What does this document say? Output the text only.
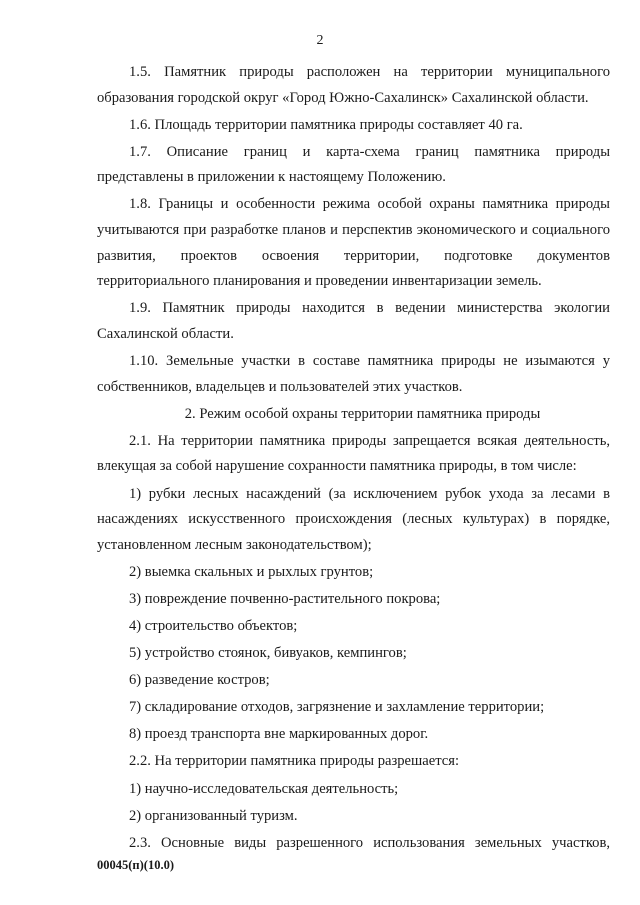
2

1.5. Памятник природы расположен на территории муниципального образования городской округ «Город Южно-Сахалинск» Сахалинской области.

1.6. Площадь территории памятника природы составляет 40 га.

1.7. Описание границ и карта-схема границ памятника природы представлены в приложении к настоящему Положению.

1.8. Границы и особенности режима особой охраны памятника природы учитываются при разработке планов и перспектив экономического и социального развития, проектов освоения территории, подготовке документов территориального планирования и проведении инвентаризации земель.

1.9. Памятник природы находится в ведении министерства экологии Сахалинской области.

1.10. Земельные участки в составе памятника природы не изымаются у собственников, владельцев и пользователей этих участков.

2. Режим особой охраны территории памятника природы

2.1. На территории памятника природы запрещается всякая деятельность, влекущая за собой нарушение сохранности памятника природы, в том числе:

1) рубки лесных насаждений (за исключением рубок ухода за лесами в насаждениях искусственного происхождения (лесных культурах) в порядке, установленном лесным законодательством);

2) выемка скальных и рыхлых грунтов;

3) повреждение почвенно-растительного покрова;

4) строительство объектов;

5) устройство стоянок, бивуаков, кемпингов;

6) разведение костров;

7) складирование отходов, загрязнение и захламление территории;

8) проезд транспорта вне маркированных дорог.

2.2. На территории памятника природы разрешается:

1) научно-исследовательская деятельность;

2) организованный туризм.

2.3. Основные виды разрешенного использования земельных участков,

00045(п)(10.0)
